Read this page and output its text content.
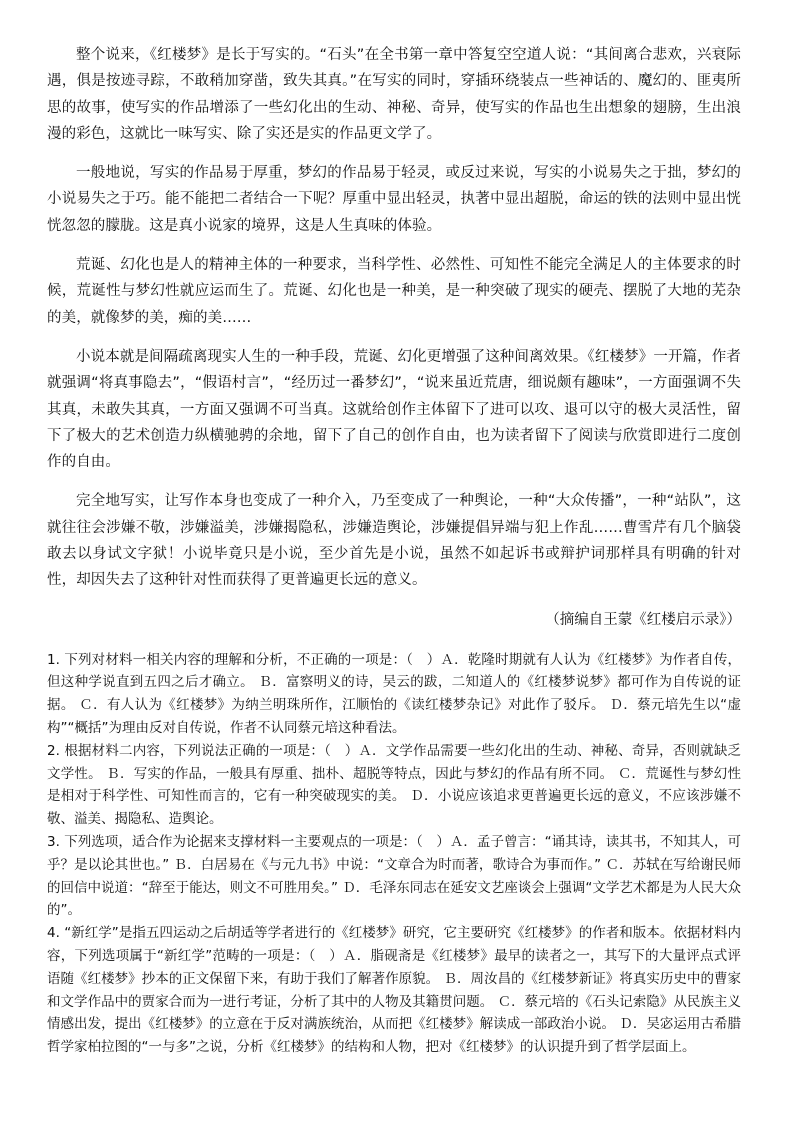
整个说来，《红楼梦》是长于写实的。“石头”在全书第一章中答复空空道人说：“其间离合悲欢，兴衰际遇，俱是按迹寻踪，不敢稍加穿凿，致失其真。”在写实的同时，穿插环绕装点一些神话的、魔幻的、匪夷所思的故事，使写实的作品增添了一些幻化出的生动、神秘、奇异，使写实的作品也生出想象的翅膀，生出浪漫的彩色，这就比一味写实、除了实还是实的作品更文学了。

一般地说，写实的作品易于厚重，梦幻的作品易于轻灵，或反过来说，写实的小说易失之于拙，梦幻的小说易失之于巧。能不能把二者结合一下呢？厚重中显出轻灵，执著中显出超脱，命运的铁的法则中显出恍恍忽忽的朦胧。这是真小说家的境界，这是人生真味的体验。

荒诞、幻化也是人的精神主体的一种要求，当科学性、必然性、可知性不能完全满足人的主体要求的时候，荒诞性与梦幻性就应运而生了。荒诞、幻化也是一种美，是一种突破了现实的硬壳、摆脱了大地的芜杂的美，就像梦的美，痴的美……

小说本就是间隔疏离现实人生的一种手段，荒诞、幻化更增强了这种间离效果。《红楼梦》一开篇，作者就强调“将真事隐去”，“假语村言”，“经历过一番梦幻”，“说来虽近荒唐，细说颇有趣味”，一方面强调不失其真，未敢失其真，一方面又强调不可当真。这就给创作主体留下了进可以攻、退可以守的极大灵活性，留下了极大的艺术创造力纵横驰骋的余地，留下了自己的创作自由，也为读者留下了阅读与欣赏即进行二度创作的自由。

完全地写实，让写作本身也变成了一种介入，乃至变成了一种舆论，一种“大众传播”，一种“站队”，这就往往会涉嫌不敬，涉嫌溢美，涉嫌揭隐私，涉嫌造舆论，涉嫌提倡异端与犯上作乱……曹雪芹有几个脑袋敢去以身试文字狱！小说毕竟只是小说，至少首先是小说，虽然不如起诉书或辩护词那样具有明确的针对性，却因失去了这种针对性而获得了更普遍更长远的意义。

（摘编自王蒙《红楼启示录》）

1. 下列对材料一相关内容的理解和分析，不正确的一项是：（　）Ａ．乾隆时期就有人认为《红楼梦》为作者自传，但这种学说直到五四之后才确立。 Ｂ．富察明义的诗，吴云的跋，二知道人的《红楼梦说梦》都可作为自传说的证据。 Ｃ．有人认为《红楼梦》为纳兰明珠所作，江顺怡的《读红楼梦杂记》对此作了驳斥。 Ｄ．蔡元培先生以“虚构”“概括”为理由反对自传说，作者不认同蔡元培这种看法。

2. 根据材料二内容，下列说法正确的一项是：（　）Ａ．文学作品需要一些幻化出的生动、神秘、奇异，否则就缺乏文学性。 Ｂ．写实的作品，一般具有厚重、拙朴、超脱等特点，因此与梦幻的作品有所不同。 Ｃ．荒诞性与梦幻性是相对于科学性、可知性而言的，它有一种突破现实的美。 Ｄ．小说应该追求更普遍更长远的意义，不应该涉嫌不敬、溢美、揭隐私、造舆论。

3. 下列选项，适合作为论据来支撑材料一主要观点的一项是：（　）Ａ．孟子曾言：“诵其诗，读其书，不知其人，可乎？是以论其世也。” Ｂ．白居易在《与元九书》中说：“文章合为时而著，歌诗合为事而作。” Ｃ．苏轼在写给谢民师的回信中说道：“辞至于能达，则文不可胜用矣。” Ｄ．毛泽东同志在延安文艺座谈会上强调“文学艺术都是为人民大众的”。

4. “新红学”是指五四运动之后胡适等学者进行的《红楼梦》研究，它主要研究《红楼梦》的作者和版本。依据材料内容，下列选项属于“新红学”范畴的一项是：（　）Ａ．脂砚斋是《红楼梦》最早的读者之一，其写下的大量评点式评语随《红楼梦》抄本的正文保留下来，有助于我们了解著作原貌。 Ｂ．周汝昌的《红楼梦新证》将真实历史中的曹家和文学作品中的贾家合而为一进行考证，分析了其中的人物及其籍贯问题。 Ｃ．蔡元培的《石头记索隐》从民族主义情感出发，提出《红楼梦》的立意在于反对满族统治，从而把《红楼梦》解读成一部政治小说。 Ｄ．吴宓运用古希腊哲学家柏拉图的“一与多”之说，分析《红楼梦》的结构和人物，把对《红楼梦》的认识提升到了哲学层面上。
